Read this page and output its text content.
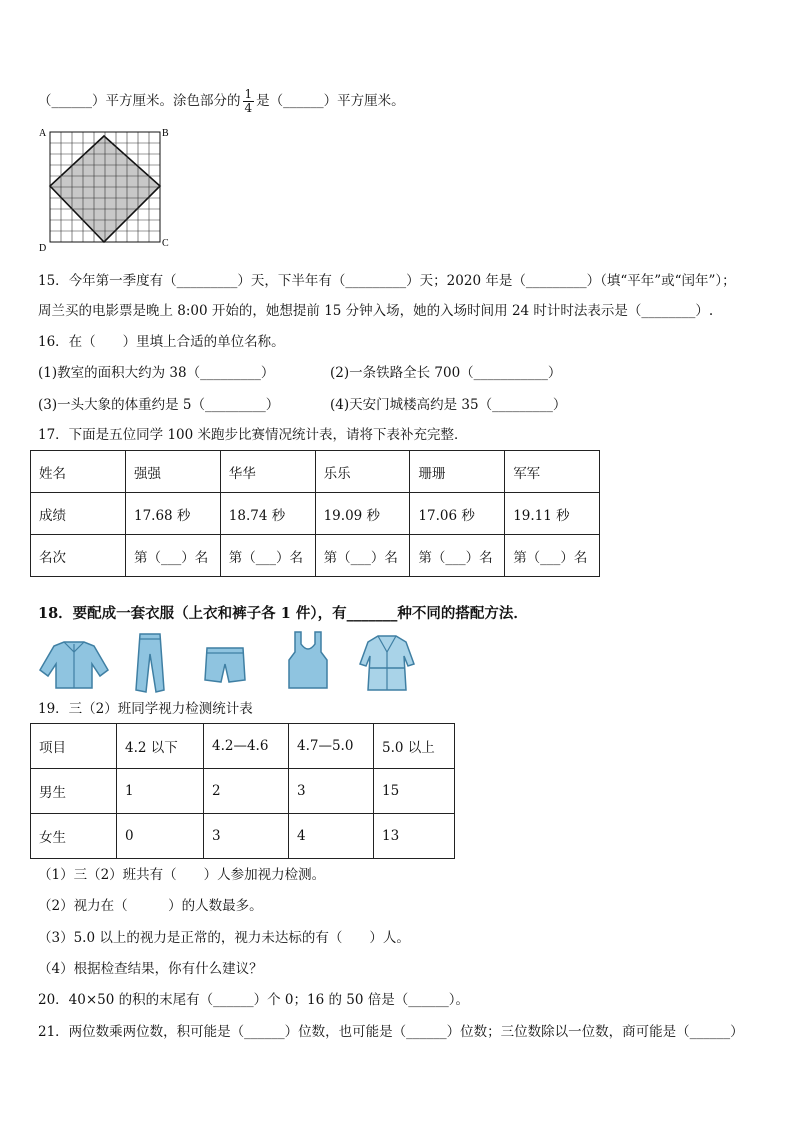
（______）平方厘米。涂色部分的 $\frac{1}{4}$ 是（______）平方厘米。
A	B
C
D
15．今年第一季度有（_________）天，下半年有（_________）天；2020 年是（_________）（填“平年”或“闰年”）；
周兰买的电影票是晚上 8:00 开始的，她想提前 15 分钟入场，她的入场时间用 24 时计时法表示是（________）.
16．在（　　）里填上合适的单位名称。
(1)教室的面积大约为 38（_________）	(2)一条铁路全长 700（___________）
(3)一头大象的体重约是 5（_________）	(4)天安门城楼高约是 35（_________）
17．下面是五位同学 100 米跑步比赛情况统计表，请将下表补充完整．
姓名	强强	华华	乐乐	珊珊	军军
成绩	17.68 秒	18.74 秒	19.09 秒	17.06 秒	19.11 秒
名次	第（___）名	第（___）名	第（___）名	第（___）名	第（___）名
18．要配成一套衣服（上衣和裤子各 1 件），有_______种不同的搭配方法．
19．三（2）班同学视力检测统计表
项目	4.2 以下	4.2—4.6	4.7—5.0	5.0 以上
男生	1	2	3	15
女生	0	3	4	13
（1）三（2）班共有（　　）人参加视力检测。
（2）视力在（　　　）的人数最多。
（3）5.0 以上的视力是正常的，视力未达标的有（　　）人。
（4）根据检查结果，你有什么建议？
20．40×50 的积的末尾有（______）个 0；16 的 50 倍是（______）。
21．两位数乘两位数，积可能是（______）位数，也可能是（______）位数；三位数除以一位数，商可能是（______）
